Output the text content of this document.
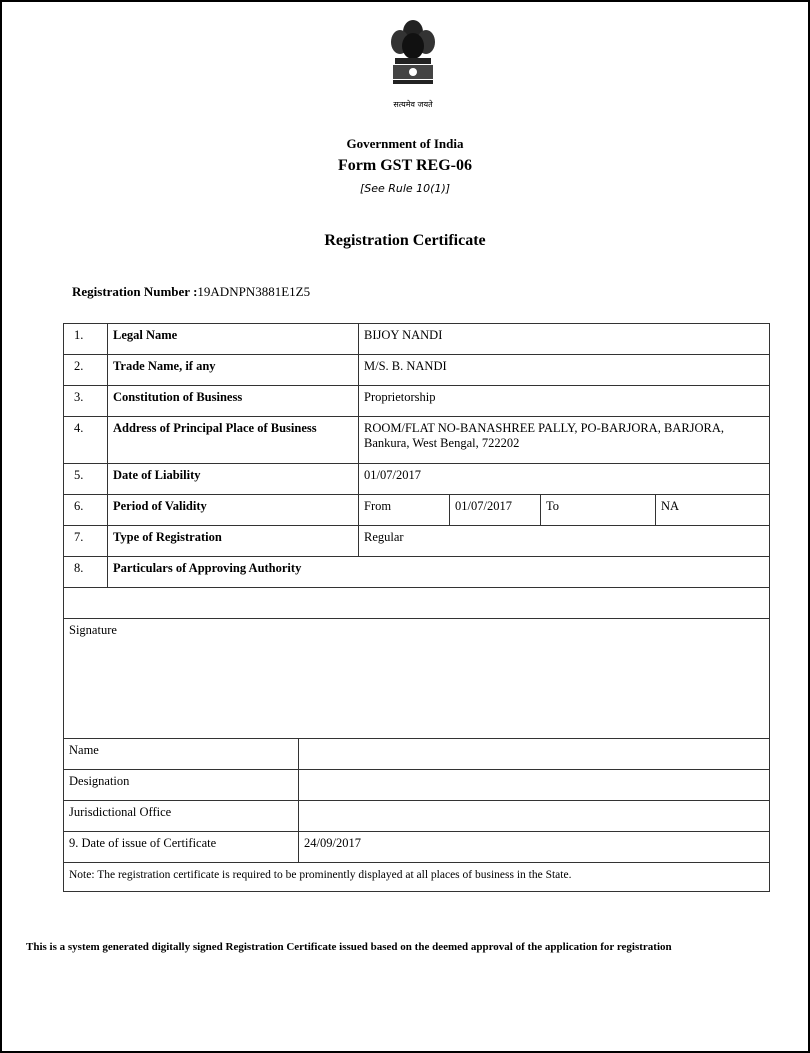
सत्यमेव जयते
Government of India
Form GST REG-06
[See Rule 10(1)]
Registration Certificate
Registration Number :19ADNPN3881E1Z5
1.	Legal Name	BIJOY NANDI
2.	Trade Name, if any	M/S. B. NANDI
3.	Constitution of Business	Proprietorship
4.	Address of Principal Place of Business	ROOM/FLAT NO-BANASHREE PALLY, PO-BARJORA, BARJORA, Bankura, West Bengal, 722202
5.	Date of Liability	01/07/2017
6.	Period of Validity	From	01/07/2017	To	NA
7.	Type of Registration	Regular
8.	Particulars of Approving Authority
Signature
Name
Designation
Jurisdictional Office
9. Date of issue of Certificate	24/09/2017
Note: The registration certificate is required to be prominently displayed at all places of business in the State.
This is a system generated digitally signed Registration Certificate issued based on the deemed approval of the application for registration
